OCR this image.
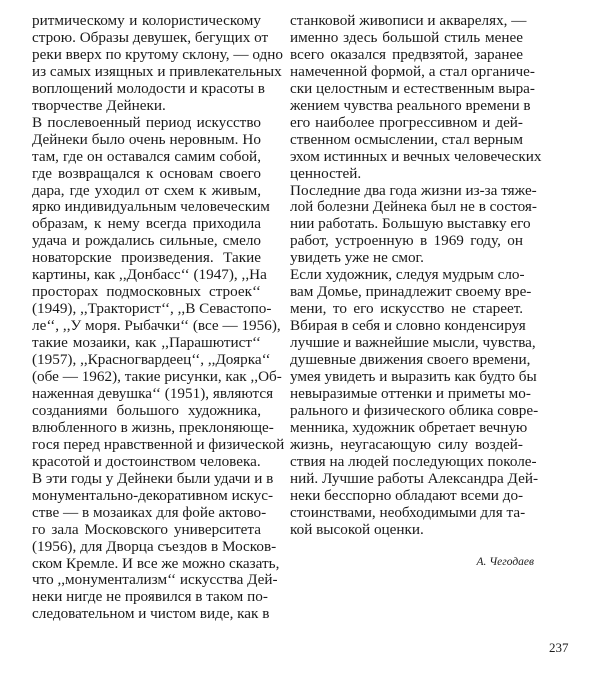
ритмическому и колористическому
строю. Образы девушек, бегущих от
реки вверх по крутому склону, — одно
из самых изящных и привлекательных
воплощений молодости и красоты в
творчестве Дейнеки.
В послевоенный период искусство
Дейнеки было очень неровным. Но
там, где он оставался самим собой,
где возвращался к основам своего
дара, где уходил от схем к живым,
ярко индивидуальным человеческим
образам, к нему всегда приходила
удача и рождались сильные, смело
новаторские произведения. Такие
картины, как ,,Донбасс‘‘ (1947), ,,На
просторах подмосковных строек‘‘
(1949), ,,Тракторист‘‘, ,,В Севастопо-
ле‘‘, ,,У моря. Рыбачки‘‘ (все — 1956),
такие мозаики, как ,,Парашютист‘‘
(1957), ,,Красногвардеец‘‘, ,,Доярка‘‘
(обе — 1962), такие рисунки, как ,,Об-
наженная девушка‘‘ (1951), являются
созданиями большого художника,
влюбленного в жизнь, преклоняюще-
гося перед нравственной и физической
красотой и достоинством человека.
В эти годы у Дейнеки были удачи и в
монументально-декоративном искус-
стве — в мозаиках для фойе актово-
го зала Московского университета
(1956), для Дворца съездов в Москов-
ском Кремле. И все же можно сказать,
что ,,монументализм‘‘ искусства Дей-
неки нигде не проявился в таком по-
следовательном и чистом виде, как в
станковой живописи и акварелях, —
именно здесь большой стиль менее
всего оказался предвзятой, заранее
намеченной формой, а стал органиче-
ски целостным и естественным выра-
жением чувства реального времени в
его наиболее прогрессивном и дей-
ственном осмыслении, стал верным
эхом истинных и вечных человеческих
ценностей.
Последние два года жизни из-за тяже-
лой болезни Дейнека был не в состоя-
нии работать. Большую выставку его
работ, устроенную в 1969 году, он
увидеть уже не смог.
Если художник, следуя мудрым сло-
вам Домье, принадлежит своему вре-
мени, то его искусство не стареет.
Вбирая в себя и словно конденсируя
лучшие и важнейшие мысли, чувства,
душевные движения своего времени,
умея увидеть и выразить как будто бы
невыразимые оттенки и приметы мо-
рального и физического облика совре-
менника, художник обретает вечную
жизнь, неугасающую силу воздей-
ствия на людей последующих поколе-
ний. Лучшие работы Александра Дей-
неки бесспорно обладают всеми до-
стоинствами, необходимыми для та-
кой высокой оценки.
А. Чегодаев
237
